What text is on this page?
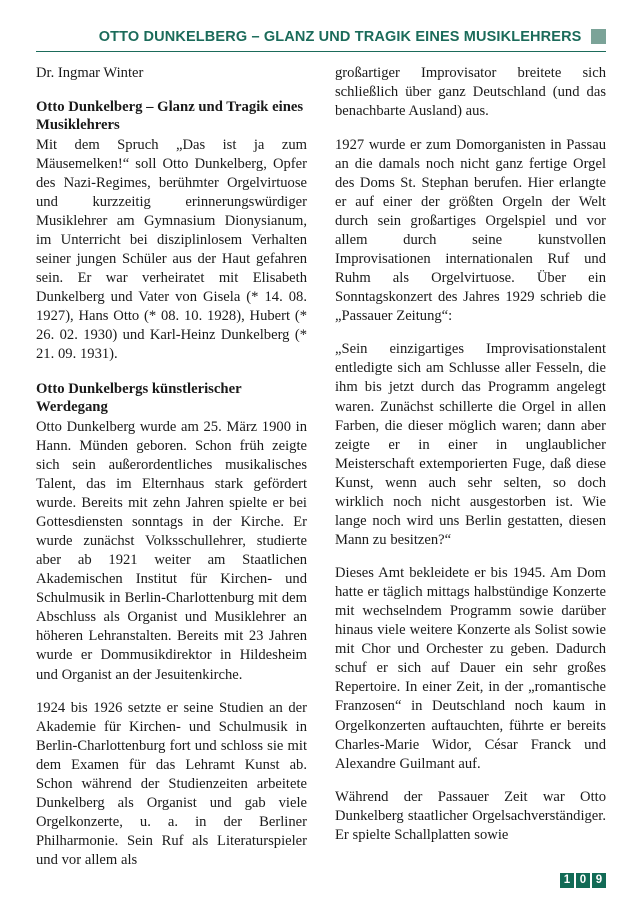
OTTO DUNKELBERG – GLANZ UND TRAGIK EINES MUSIKLEHRERS

Dr. Ingmar Winter

Otto Dunkelberg – Glanz und Tragik eines Musiklehrers

Mit dem Spruch „Das ist ja zum Mäusemelken!“ soll Otto Dunkelberg, Opfer des Nazi-Regimes, berühmter Orgelvirtuose und kurzzeitig erinnerungswürdiger Musiklehrer am Gymnasium Dionysianum, im Unterricht bei disziplinlosem Verhalten seiner jungen Schüler aus der Haut gefahren sein. Er war verheiratet mit Elisabeth Dunkelberg und Vater von Gisela (* 14. 08. 1927), Hans Otto (* 08. 10. 1928), Hubert (* 26. 02. 1930) und Karl-Heinz Dunkelberg (* 21. 09. 1931).

Otto Dunkelbergs künstlerischer Werdegang

Otto Dunkelberg wurde am 25. März 1900 in Hann. Münden geboren. Schon früh zeigte sich sein außerordentliches musikalisches Talent, das im Elternhaus stark gefördert wurde. Bereits mit zehn Jahren spielte er bei Gottesdiensten sonntags in der Kirche. Er wurde zunächst Volksschullehrer, studierte aber ab 1921 weiter am Staatlichen Akademischen Institut für Kirchen- und Schulmusik in Berlin-Charlottenburg mit dem Abschluss als Organist und Musiklehrer an höheren Lehranstalten. Bereits mit 23 Jahren wurde er Dommusikdirektor in Hildesheim und Organist an der Jesuitenkirche.

1924 bis 1926 setzte er seine Studien an der Akademie für Kirchen- und Schulmusik in Berlin-Charlottenburg fort und schloss sie mit dem Examen für das Lehramt Kunst ab. Schon während der Studienzeiten arbeitete Dunkelberg als Organist und gab viele Orgelkonzerte, u. a. in der Berliner Philharmonie. Sein Ruf als Literaturspieler und vor allem als

großartiger Improvisator breitete sich schließlich über ganz Deutschland (und das benachbarte Ausland) aus.

1927 wurde er zum Domorganisten in Passau an die damals noch nicht ganz fertige Orgel des Doms St. Stephan berufen. Hier erlangte er auf einer der größten Orgeln der Welt durch sein großartiges Orgelspiel und vor allem durch seine kunstvollen Improvisationen internationalen Ruf und Ruhm als Orgelvirtuose. Über ein Sonntagskonzert des Jahres 1929 schrieb die „Passauer Zeitung“:

„Sein einzigartiges Improvisationstalent entledigte sich am Schlusse aller Fesseln, die ihm bis jetzt durch das Programm angelegt waren. Zunächst schillerte die Orgel in allen Farben, die dieser möglich waren; dann aber zeigte er in einer in unglaublicher Meisterschaft extemporierten Fuge, daß diese Kunst, wenn auch sehr selten, so doch wirklich noch nicht ausgestorben ist. Wie lange noch wird uns Berlin gestatten, diesen Mann zu besitzen?“

Dieses Amt bekleidete er bis 1945. Am Dom hatte er täglich mittags halbstündige Konzerte mit wechselndem Programm sowie darüber hinaus viele weitere Konzerte als Solist sowie mit Chor und Orchester zu geben. Dadurch schuf er sich auf Dauer ein sehr großes Repertoire. In einer Zeit, in der „romantische Franzosen“ in Deutschland noch kaum in Orgelkonzerten auftauchten, führte er bereits Charles-Marie Widor, César Franck und Alexandre Guilmant auf.

Während der Passauer Zeit war Otto Dunkelberg staatlicher Orgelsachverständiger. Er spielte Schallplatten sowie

1 0 9
